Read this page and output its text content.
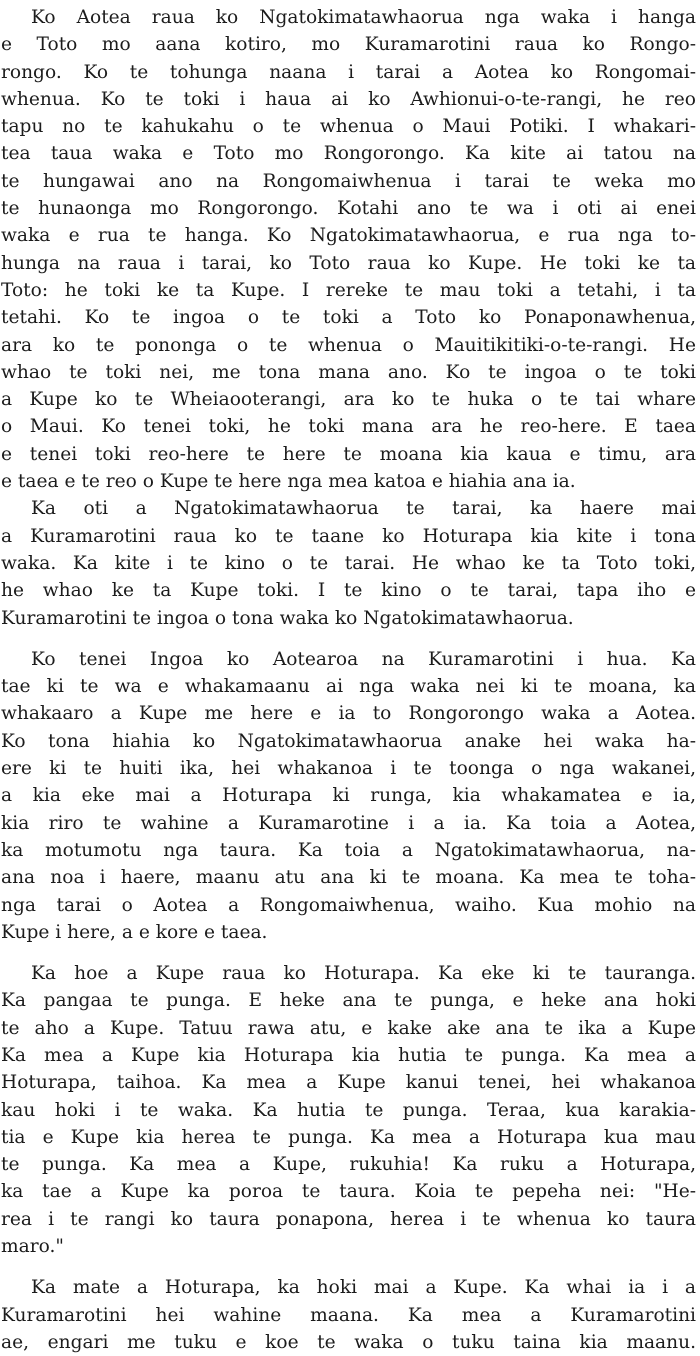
Ko Aotea raua ko Ngatokimatawhaorua nga waka i hanga
e Toto mo aana kotiro, mo Kuramarotini raua ko Rongo-
rongo. Ko te tohunga naana i tarai a Aotea ko Rongomai-
whenua. Ko te toki i haua ai ko Awhionui-o-te-rangi, he reo
tapu no te kahukahu o te whenua o Maui Potiki. I whakari-
tea taua waka e Toto mo Rongorongo. Ka kite ai tatou na
te hungawai ano na Rongomaiwhenua i tarai te weka mo
te hunaonga mo Rongorongo. Kotahi ano te wa i oti ai enei
waka e rua te hanga. Ko Ngatokimatawhaorua, e rua nga to-
hunga na raua i tarai, ko Toto raua ko Kupe. He toki ke ta
Toto: he toki ke ta Kupe. I rereke te mau toki a tetahi, i ta
tetahi. Ko te ingoa o te toki a Toto ko Ponaponawhenua,
ara ko te pononga o te whenua o Mauitikitiki-o-te-rangi. He
whao te toki nei, me tona mana ano. Ko te ingoa o te toki
a Kupe ko te Wheiaooterangi, ara ko te huka o te tai whare
o Maui. Ko tenei toki, he toki mana ara he reo-here. E taea
e tenei toki reo-here te here te moana kia kaua e timu, ara
e taea e te reo o Kupe te here nga mea katoa e hiahia ana ia.
Ka oti a Ngatokimatawhaorua te tarai, ka haere mai
a Kuramarotini raua ko te taane ko Hoturapa kia kite i tona
waka. Ka kite i te kino o te tarai. He whao ke ta Toto toki,
he whao ke ta Kupe toki. I te kino o te tarai, tapa iho e
Kuramarotini te ingoa o tona waka ko Ngatokimatawhaorua.
Ko tenei Ingoa ko Aotearoa na Kuramarotini i hua. Ka
tae ki te wa e whakamaanu ai nga waka nei ki te moana, ka
whakaaro a Kupe me here e ia to Rongorongo waka a Aotea.
Ko tona hiahia ko Ngatokimatawhaorua anake hei waka ha-
ere ki te huiti ika, hei whakanoa i te toonga o nga wakanei,
a kia eke mai a Hoturapa ki runga, kia whakamatea e ia,
kia riro te wahine a Kuramarotine i a ia. Ka toia a Aotea,
ka motumotu nga taura. Ka toia a Ngatokimatawhaorua, na-
ana noa i haere, maanu atu ana ki te moana. Ka mea te toha-
nga tarai o Aotea a Rongomaiwhenua, waiho. Kua mohio na
Kupe i here, a e kore e taea.
Ka hoe a Kupe raua ko Hoturapa. Ka eke ki te tauranga.
Ka pangaa te punga. E heke ana te punga, e heke ana hoki
te aho a Kupe. Tatuu rawa atu, e kake ake ana te ika a Kupe
Ka mea a Kupe kia Hoturapa kia hutia te punga. Ka mea a
Hoturapa, taihoa. Ka mea a Kupe kanui tenei, hei whakanoa
kau hoki i te waka. Ka hutia te punga. Teraa, kua karakia-
tia e Kupe kia herea te punga. Ka mea a Hoturapa kua mau
te punga. Ka mea a Kupe, rukuhia! Ka ruku a Hoturapa,
ka tae a Kupe ka poroa te taura. Koia te pepeha nei: "He-
rea i te rangi ko taura ponapona, herea i te whenua ko taura
maro."
Ka mate a Hoturapa, ka hoki mai a Kupe. Ka whai ia i a
Kuramarotini hei wahine maana. Ka mea a Kuramarotini
ae, engari me tuku e koe te waka o tuku taina kia maanu.
